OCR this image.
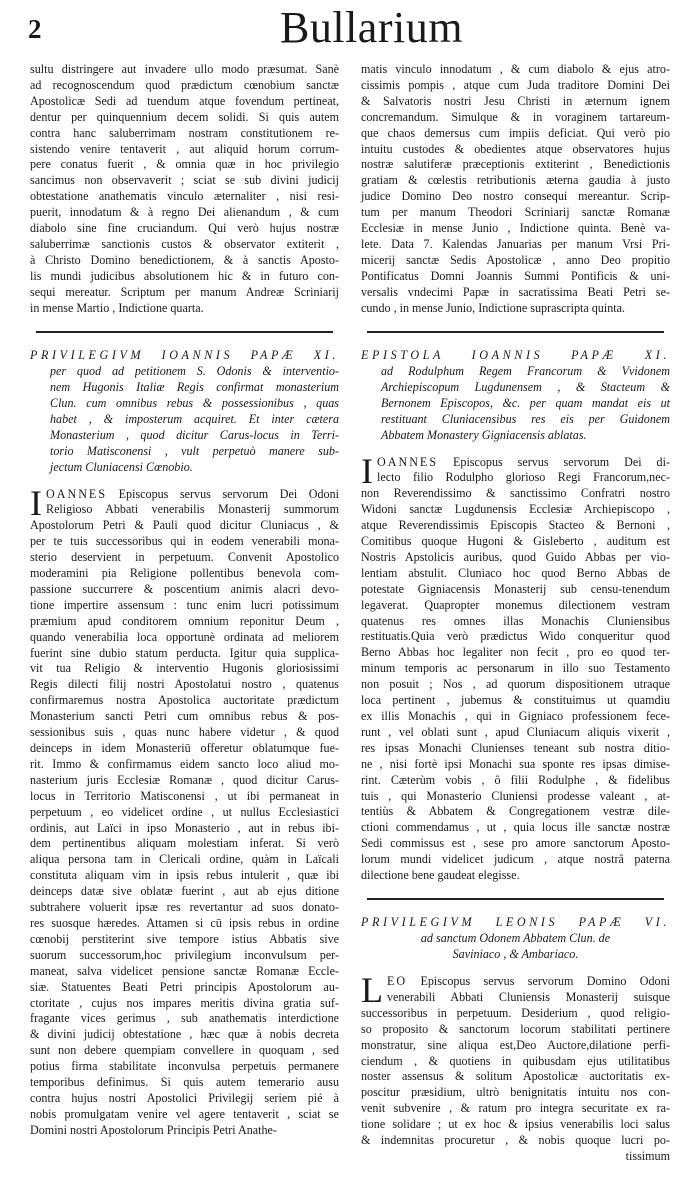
2	Bullarium
sultu distringere aut invadere ullo modo præsumat. Sanè
ad recognoscendum quod prædictum cœnobium sanctæ
Apostolicæ Sedi ad tuendum atque fovendum pertineat,
dentur per quinquennium decem solidi. Si quis autem
contra hanc saluberrimam nostram constitutionem re-
sistendo venire tentaverit , aut aliquid horum corrum-
pere conatus fuerit , & omnia quæ in hoc privilegio
sancimus non observaverit ; sciat se sub divini judicij
obtestatione anathematis vinculo æternaliter , nisi resi-
puerit, innodatum & à regno Dei alienandum , & cum
diabolo sine fine cruciandum. Qui verò hujus nostræ
saluberrimæ sanctionis custos & observator extiterit ,
à Christo Domino benedictionem, & à sanctis Aposto-
lis mundi judicibus absolutionem hic & in futuro con-
sequi mereatur. Scriptum per manum Andreæ Scriniarij
in mense Martio , Indictione quarta.
PRIVILEGIVM IOANNIS PAPÆ XI.
per quod ad petitionem S. Odonis & interventio-
nem Hugonis Italiæ Regis confirmat monasterium
Clun. cum omnibus rebus & possessionibus , quas
habet , & imposterum acquiret. Et inter cætera
Monasterium , quod dicitur Carus-locus in Terri-
torio Matisconensi , vult perpetuò manere sub-
jectum Cluniacensi Cœnobio.
I OANNES Episcopus servus servorum Dei Odoni
Religioso Abbati venerabilis Monasterij summorum
Apostolorum Petri & Pauli quod dicitur Cluniacus , &
per te tuis successoribus qui in eodem venerabili mona-
sterio deservient in perpetuum. Convenit Apostolico
moderamini pia Religione pollentibus benevola com-
passione succurrere & poscentium animis alacri devo-
tione impertire assensum : tunc enim lucri potissimum
præmium apud conditorem omnium reponitur Deum ,
quando venerabilia loca opportunè ordinata ad meliorem
fuerint sine dubio statum perducta. Igitur quia supplica-
vit tua Religio & interventio Hugonis gloriosissimi
Regis dilecti filij nostri Apostolatui nostro , quatenus
confirmaremus nostra Apostolica auctoritate prædictum
Monasterium sancti Petri cum omnibus rebus & pos-
sessionibus suis , quas nunc habere videtur , & quod
deinceps in idem Monasteriū offeretur oblatumque fue-
rit. Immo & confirmamus eidem sancto loco aliud mo-
nasterium juris Ecclesiæ Romanæ , quod dicitur Carus-
locus in Territorio Matisconensi , ut ibi permaneat in
perpetuum , eo videlicet ordine , ut nullus Ecclesiastici
ordinis, aut Laïci in ipso Monasterio , aut in rebus ibi-
dem pertinentibus aliquam molestiam inferat. Si verò
aliqua persona tam in Clericali ordine, quàm in Laïcali
constituta aliquam vim in ipsis rebus intulerit , quæ ibi
deinceps datæ sive oblatæ fuerint , aut ab ejus ditione
subtrahere voluerit ipsæ res revertantur ad suos donato-
res suosque hæredes. Attamen si cū ipsis rebus in ordine
cœnobij perstiterint sive tempore istius Abbatis sive
suorum successorum,hoc privilegium inconvulsum per-
maneat, salva videlicet pensione sanctæ Romanæ Eccle-
siæ. Statuentes Beati Petri principis Apostolorum au-
ctoritate , cujus nos impares meritis divina gratia suf-
fragante vices gerimus , sub anathematis interdictione
& divini judicij obtestatione , hæc quæ à nobis decreta
sunt non debere quempiam convellere in quoquam , sed
potius firma stabilitate inconvulsa perpetuis permanere
temporibus definimus. Si quis autem temerario ausu
contra hujus nostri Apostolici Privilegij seriem pié à
nobis promulgatam venire vel agere tentaverit , sciat se
Domini nostri Apostolorum Principis Petri Anathe-
matis vinculo innodatum , & cum diabolo & ejus atro-
cissimis pompis , atque cum Juda traditore Domini Dei
& Salvatoris nostri Jesu Christi in æternum ignem
concremandum. Simulque & in voraginem tartareum-
que chaos demersus cum impiis deficiat. Qui verò pio
intuitu custodes & obedientes atque observatores hujus
nostræ salutiferæ præceptionis extiterint , Benedictionis
gratiam & cœlestis retributionis æterna gaudia à justo
judice Domino Deo nostro consequi mereantur. Scrip-
tum per manum Theodori Scriniarij sanctæ Romanæ
Ecclesiæ in mense Junio , Indictione quinta. Benè va-
lete. Data 7. Kalendas Januarias per manum Vrsi Pri-
micerij sanctæ Sedis Apostolicæ , anno Deo propitio
Pontificatus Domni Joannis Summi Pontificis & uni-
versalis vndecimi Papæ in sacratissima Beati Petri se-
cundo , in mense Junio, Indictione suprascripta quinta.
EPISTOLA IOANNIS PAPÆ XI.
ad Rodulphum Regem Francorum & Vvidonem
Archiepiscopum Lugdunensem , & Stacteum &
Bernonem Episcopos, &c. per quam mandat eis ut
restituant Cluniacensibus res eis per Guidonem
Abbatem Monastery Gigniacensis ablatas.
I OANNES Episcopus servus servorum Dei di-
lecto filio Rodulpho glorioso Regi Francorum,nec-
non Reverendissimo & sanctissimo Confratri nostro
Widoni sanctæ Lugdunensis Ecclesiæ Archiepiscopo ,
atque Reverendissimis Episcopis Stacteo & Bernoni ,
Comitibus quoque Hugoni & Gisleberto , auditum est
Nostris Apstolicis auribus, quod Guido Abbas per vio-
lentiam abstulit. Cluniaco hoc quod Berno Abbas de
potestate Gigniacensis Monasterij sub censu-tenendum
legaverat. Quapropter monemus dilectionem vestram
quatenus res omnes illas Monachis Cluniensibus
restituatis.Quia verò prædictus Wido conqueritur quod
Berno Abbas hoc legaliter non fecit , pro eo quod ter-
minum temporis ac personarum in illo suo Testamento
non posuit ; Nos , ad quorum dispositionem utraque
loca pertinent , jubemus & constituimus ut quamdiu
ex illis Monachis , qui in Gigniaco professionem fece-
runt , vel oblati sunt , apud Cluniacum aliquis vixerit ,
res ipsas Monachi Clunienses teneant sub nostra ditio-
ne , nisi fortè ipsi Monachi sua sponte res ipsas dimise-
rint. Cæterùm vobis , ô filii Rodulphe , & fidelibus
tuis , qui Monasterio Cluniensi prodesse valeant , at-
tentiùs & Abbatem & Congregationem vestræ dile-
ctioni commendamus , ut , quia locus ille sanctæ nostræ
Sedi commissus est , sese pro amore sanctorum Aposto-
lorum mundi videlicet judicum , atque nostrâ paterna
dilectione bene gaudeat elegisse.
PRIVILEGIVM LEONIS PAPÆ VI.
ad sanctum Odonem Abbatem Clun. de
Saviniaco , & Ambariaco.
L EO Episcopus servus servorum Domino Odoni
venerabili Abbati Cluniensis Monasterij suisque
successoribus in perpetuum. Desiderium , quod religio-
so proposito & sanctorum locorum stabilitati pertinere
monstratur, sine aliqua est,Deo Auctore,dilatione perfi-
ciendum , & quotiens in quibusdam ejus utilitatibus
noster assensus & solitum Apostolicæ auctoritatis ex-
poscitur præsidium, ultrò benignitatis intuitu nos con-
venit subvenire , & ratum pro integra securitate ex ra-
tione solidare ; ut ex hoc & ipsius venerabilis loci salus
& indemnitas procuretur , & nobis quoque lucri po-
tissimum
